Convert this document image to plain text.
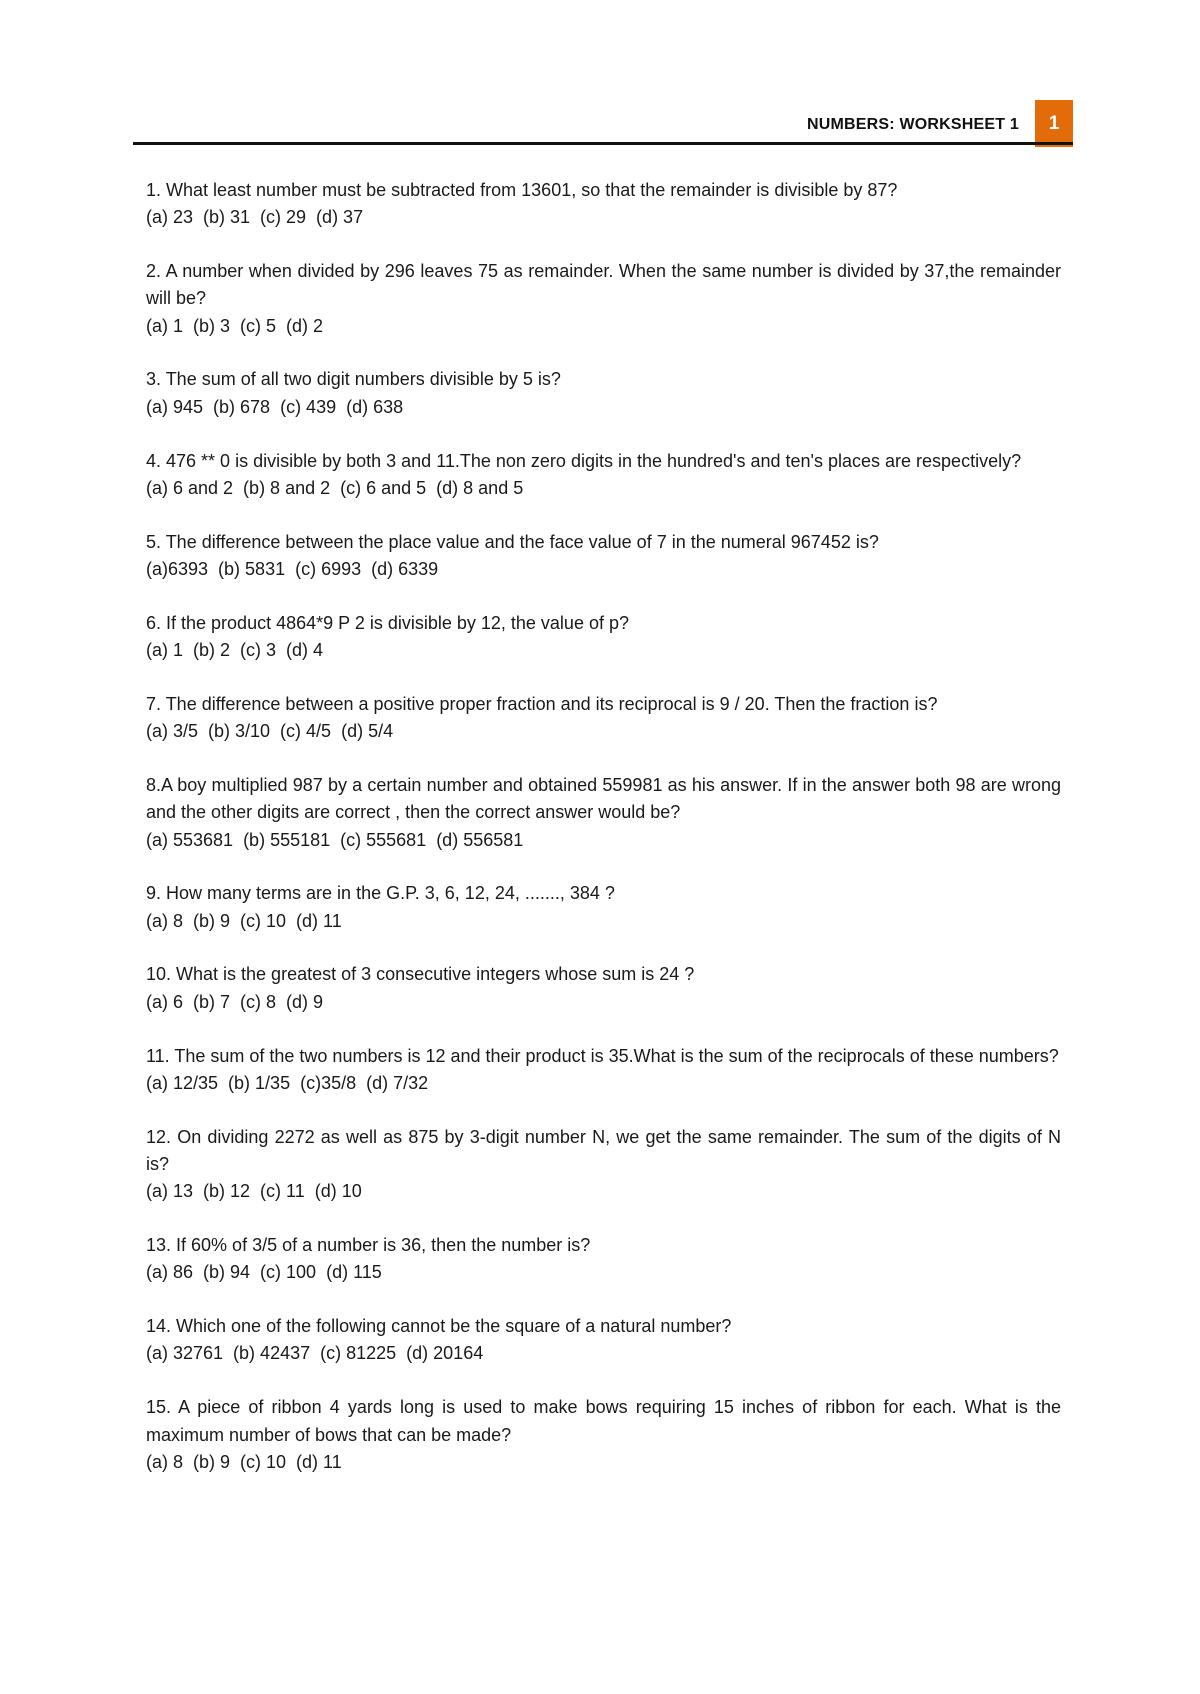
NUMBERS: WORKSHEET 1	1
1. What least number must be subtracted from 13601, so that the remainder is divisible by 87?
(a) 23  (b) 31  (c) 29  (d) 37
2. A number when divided by 296 leaves 75 as remainder. When the same number is divided by 37,the remainder will be?
(a) 1  (b) 3  (c) 5  (d) 2
3. The sum of all two digit numbers divisible by 5 is?
(a) 945  (b) 678  (c) 439  (d) 638
4. 476 ** 0 is divisible by both 3 and 11.The non zero digits in the hundred's and ten's places are respectively?
(a) 6 and 2  (b) 8 and 2  (c) 6 and 5  (d) 8 and 5
5. The difference between the place value and the face value of 7 in the numeral 967452 is?
(a)6393  (b) 5831  (c) 6993  (d) 6339
6. If the product 4864*9 P 2 is divisible by 12, the value of p?
(a) 1  (b) 2  (c) 3  (d) 4
7. The difference between a positive proper fraction and its reciprocal is 9 / 20. Then the fraction is?
(a) 3/5  (b) 3/10  (c) 4/5  (d) 5/4
8.A boy multiplied 987 by a certain number and obtained 559981 as his answer. If in the answer both 98 are wrong and the other digits are correct , then the correct answer would be?
(a) 553681  (b) 555181  (c) 555681  (d) 556581
9. How many terms are in the G.P. 3, 6, 12, 24, ......., 384 ?
(a) 8  (b) 9  (c) 10  (d) 11
10. What is the greatest of 3 consecutive integers whose sum is 24 ?
(a) 6  (b) 7  (c) 8  (d) 9
11. The sum of the two numbers is 12 and their product is 35.What is the sum of the reciprocals of these numbers?
(a) 12/35  (b) 1/35  (c)35/8  (d) 7/32
12. On dividing 2272 as well as 875 by 3-digit number N, we get the same remainder. The sum of the digits of N is?
(a) 13  (b) 12  (c) 11  (d) 10
13. If 60% of 3/5 of a number is 36, then the number is?
(a) 86  (b) 94  (c) 100  (d) 115
14. Which one of the following cannot be the square of a natural number?
(a) 32761  (b) 42437  (c) 81225  (d) 20164
15. A piece of ribbon 4 yards long is used to make bows requiring 15 inches of ribbon for each. What is the maximum number of bows that can be made?
(a) 8  (b) 9  (c) 10  (d) 11
